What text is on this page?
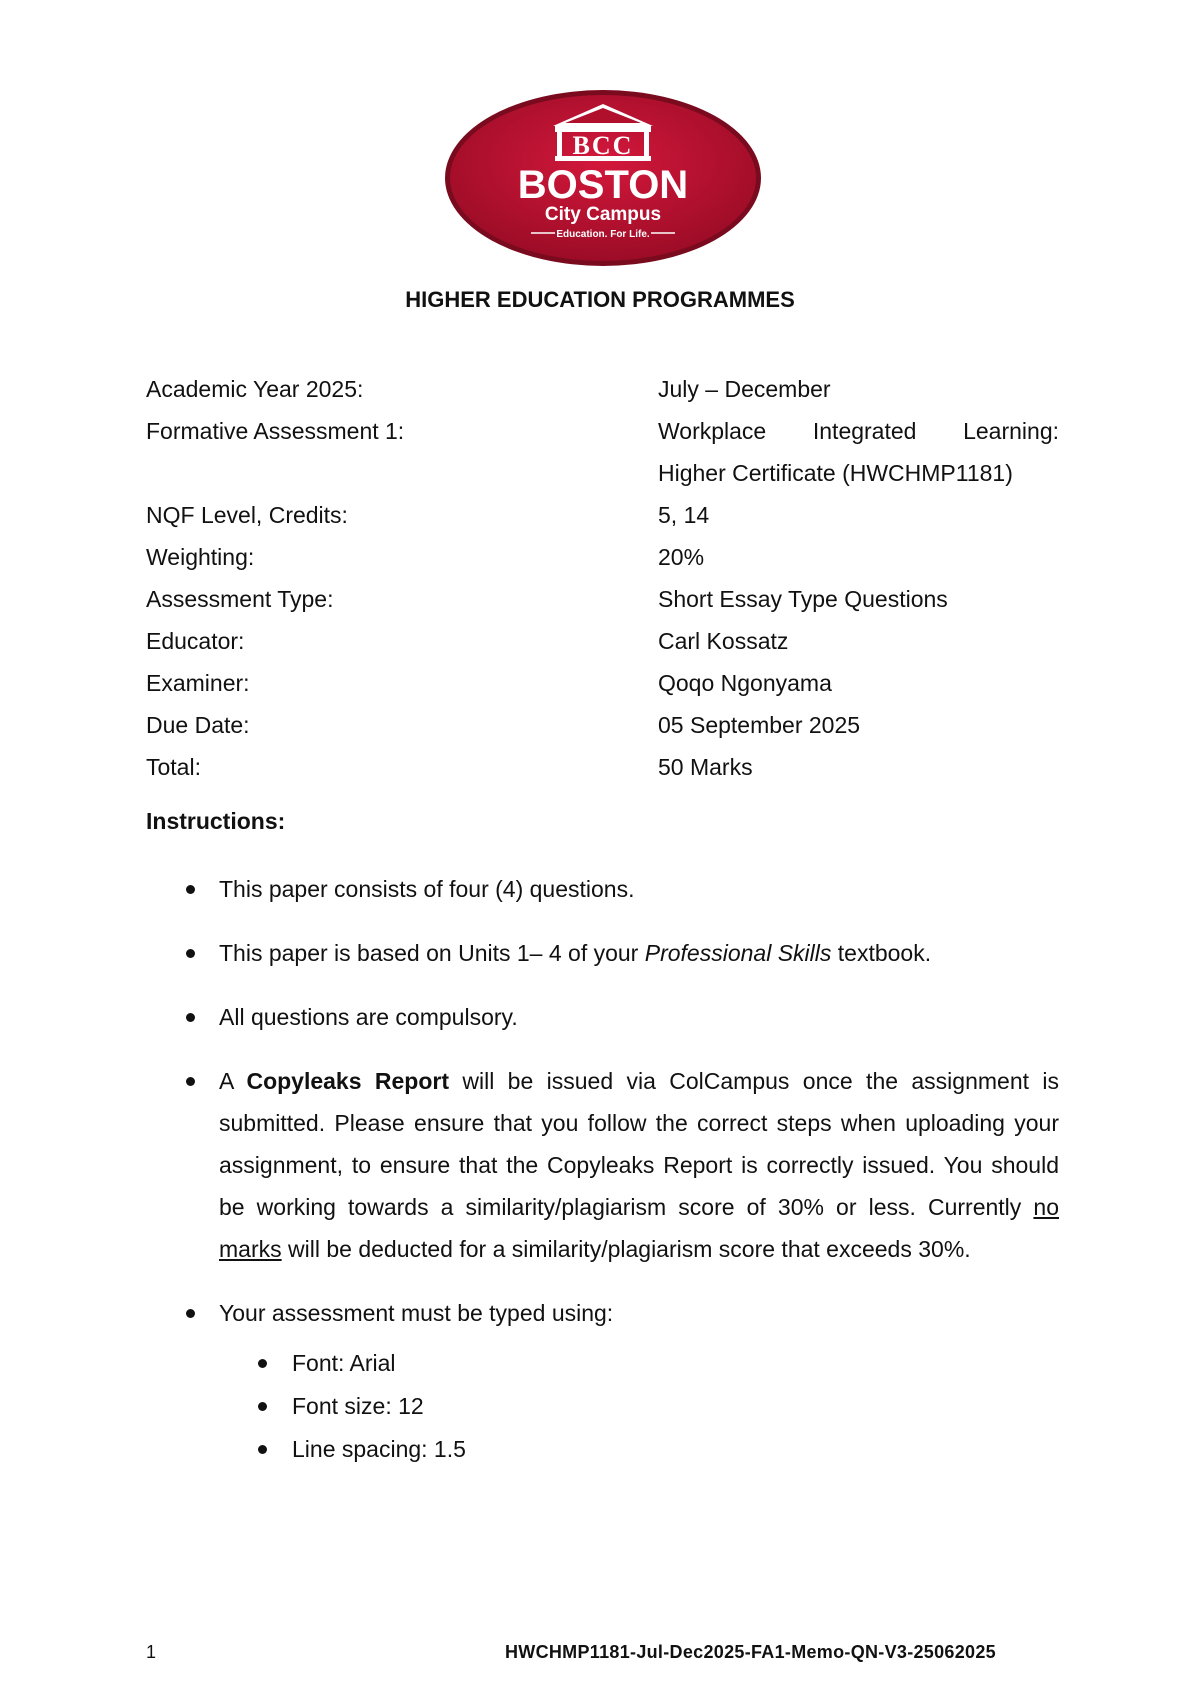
BCC
BOSTON
City Campus
Education. For Life.
HIGHER EDUCATION PROGRAMMES
Academic Year 2025:	July – December
Formative Assessment 1:	Workplace Integrated Learning:
Higher Certificate (HWCHMP1181)
NQF Level, Credits:	5, 14
Weighting:	20%
Assessment Type:	Short Essay Type Questions
Educator:	Carl Kossatz
Examiner:	Qoqo Ngonyama
Due Date:	05 September 2025
Total:	50 Marks
Instructions:
This paper consists of four (4) questions.
This paper is based on Units 1– 4 of your Professional Skills textbook.
All questions are compulsory.
A Copyleaks Report will be issued via ColCampus once the assignment is submitted. Please ensure that you follow the correct steps when uploading your assignment, to ensure that the Copyleaks Report is correctly issued. You should be working towards a similarity/plagiarism score of 30% or less. Currently no marks will be deducted for a similarity/plagiarism score that exceeds 30%.
Your assessment must be typed using:
Font: Arial
Font size: 12
Line spacing: 1.5
1	HWCHMP1181-Jul-Dec2025-FA1-Memo-QN-V3-25062025
